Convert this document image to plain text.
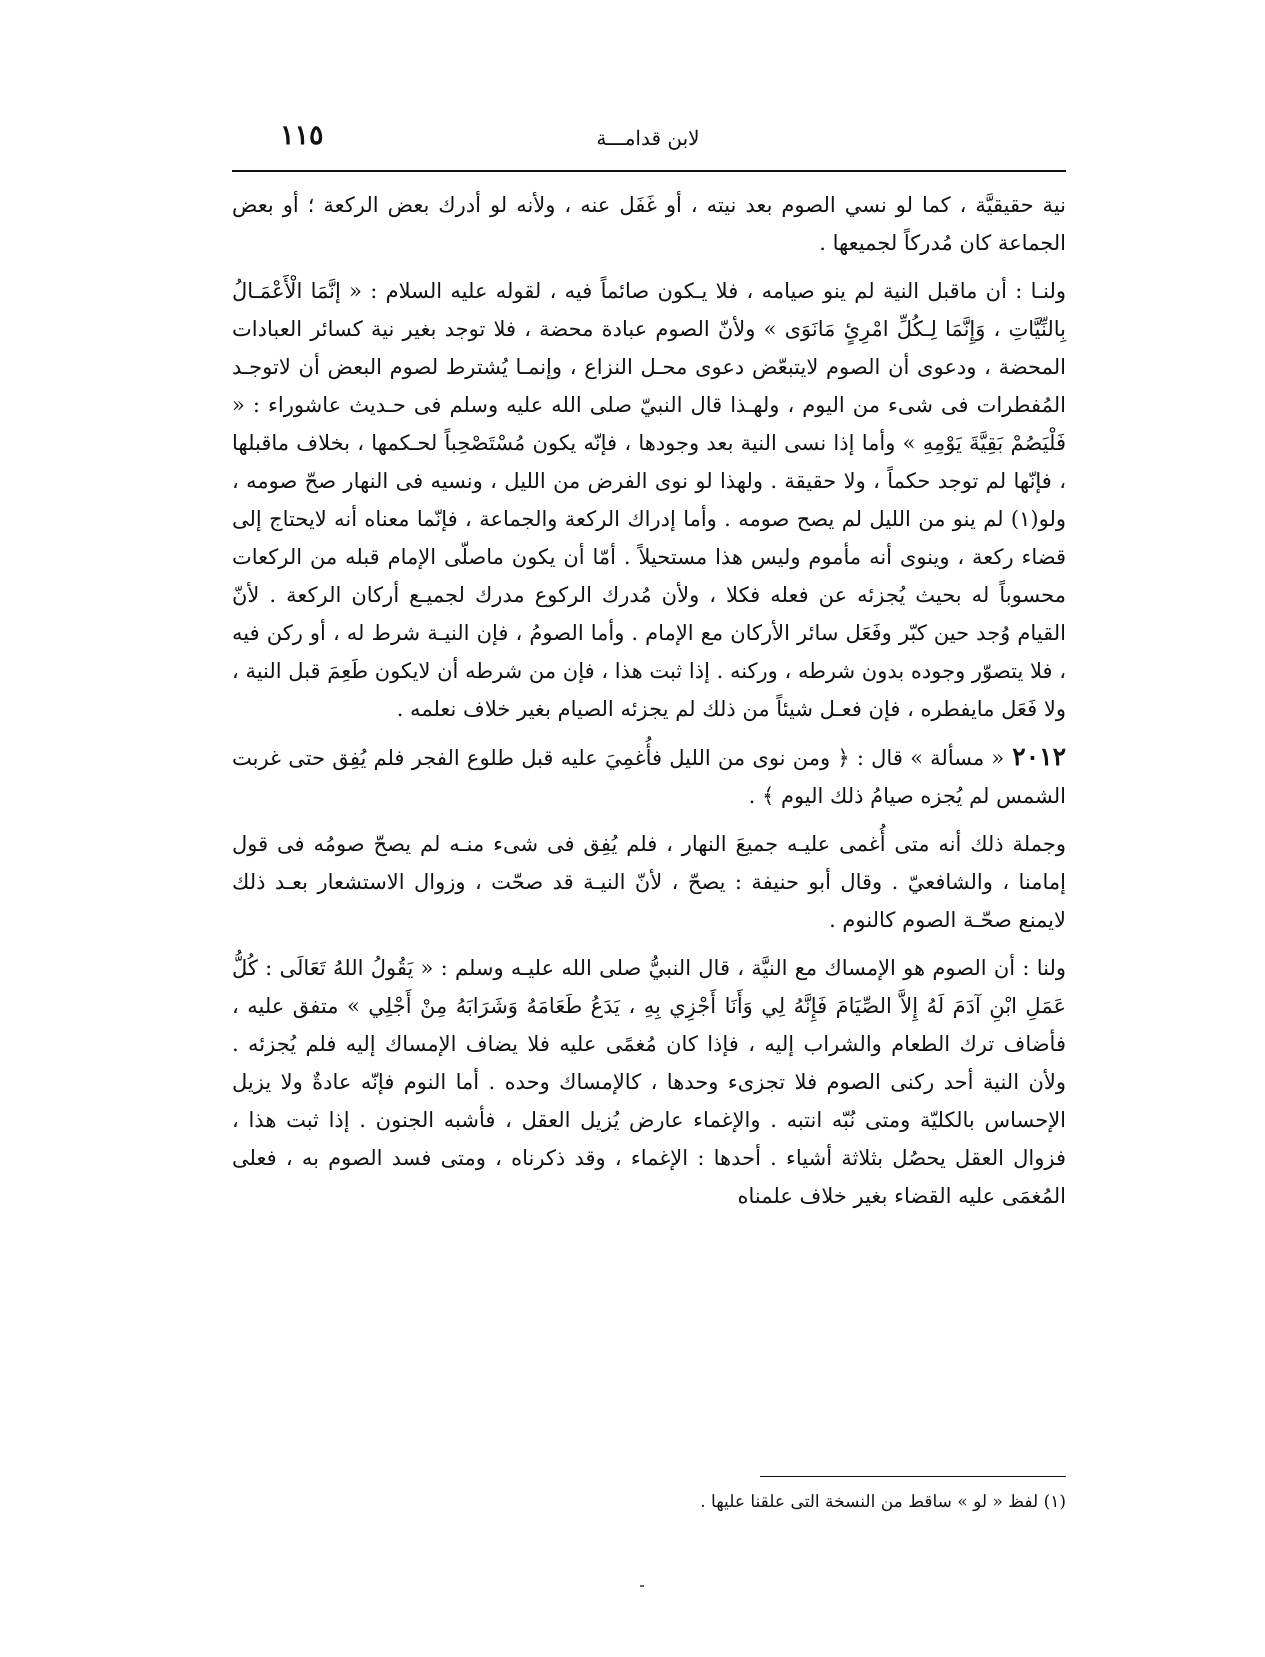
١١٥	لابن قدامـــة

نية حقيقيَّة ، كما لو نسي الصوم بعد نيته ، أو غَفَل عنه ، ولأنه لو أدرك بعض الركعة ؛ أو بعض الجماعة كان مُدركاً لجميعها .

ولنـا : أن ماقبل النية لم ينو صيامه ، فلا يـكون صائماً فيه ، لقوله عليه السلام : « إنَّمَا الْأَعْمَـالُ بِالنِّيَّاتِ ، وَإِنَّمَا لِـكُلِّ امْرِئٍ مَانَوَى » ولأنّ الصوم عبادة محضة ، فلا توجد بغير نية كسائر العبادات المحضة ، ودعوى أن الصوم لايتبعّض دعوى محـل النزاع ، وإنمـا يُشترط لصوم البعض أن لاتوجـد المُفطرات فى شىء من اليوم ، ولهـذا قال النبيّ صلى الله عليه وسلم فى حـديث عاشوراء : « فَلْيَصُمْ بَقِيَّةَ يَوْمِهِ » وأما إذا نسى النية بعد وجودها ، فإنّه يكون مُسْتَصْحِباً لحـكمها ، بخلاف ماقبلها ، فإنّها لم توجد حكماً ، ولا حقيقة . ولهذا لو نوى الفرض من الليل ، ونسيه فى النهار صحّ صومه ، ولو(١) لم ينو من الليل لم يصح صومه . وأما إدراك الركعة والجماعة ، فإنّما معناه أنه لايحتاج إلى قضاء ركعة ، وينوى أنه مأموم وليس هذا مستحيلاً . أمّا أن يكون ماصلّى الإمام قبله من الركعات محسوباً له بحيث يُجزئه عن فعله فكلا ، ولأن مُدرك الركوع مدرك لجميـع أركان الركعة . لأنّ القيام وُجد حين كبّر وفَعَل سائر الأركان مع الإمام . وأما الصومُ ، فإن النيـة شرط له ، أو ركن فيه ، فلا يتصوّر وجوده بدون شرطه ، وركنه . إذا ثبت هذا ، فإن من شرطه أن لايكون طَعِمَ قبل النية ، ولا فَعَل مايفطره ، فإن فعـل شيئاً من ذلك لم يجزئه الصيام بغير خلاف نعلمه .

٢٠١٢« مسألة » قال : ﴿ ومن نوى من الليل فأُغمِيَ عليه قبل طلوع الفجر فلم يُفِق حتى غربت الشمس لم يُجزه صيامُ ذلك اليوم ﴾ .

وجملة ذلك أنه متى أُغمى عليـه جميعَ النهار ، فلم يُفِق فى شىء منـه لم يصحّ صومُه فى قول إمامنا ، والشافعيّ . وقال أبو حنيفة : يصحّ ، لأنّ النيـة قد صحّت ، وزوال الاستشعار بعـد ذلك لايمنع صحّـة الصوم كالنوم .

ولنا : أن الصوم هو الإمساك مع النيَّة ، قال النبيُّ صلى الله عليـه وسلم : « يَقُولُ اللهُ تَعَالَى : كُلُّ عَمَلِ ابْنِ آدَمَ لَهُ إِلاَّ الصِّيَامَ فَإِنَّهُ لِي وَأَنَا أَجْزِي بِهِ ، يَدَعُ طَعَامَهُ وَشَرَابَهُ مِنْ أَجْلِي » متفق عليه ، فأضاف ترك الطعام والشراب إليه ، فإذا كان مُغمًى عليه فلا يضاف الإمساك إليه فلم يُجزئه . ولأن النية أحد ركنى الصوم فلا تجزىء وحدها ، كالإمساك وحده . أما النوم فإنّه عادةٌ ولا يزيل الإحساس بالكليّة ومتى نُبّه انتبه . والإغماء عارض يُزيل العقل ، فأشبه الجنون . إذا ثبت هذا ، فزوال العقل يحصُل بثلاثة أشياء . أحدها : الإغماء ، وقد ذكرناه ، ومتى فسد الصوم به ، فعلى المُغمَى عليه القضاء بغير خلاف علمناه

(١) لفظ « لو » ساقط من النسخة التى علقنا عليها .
